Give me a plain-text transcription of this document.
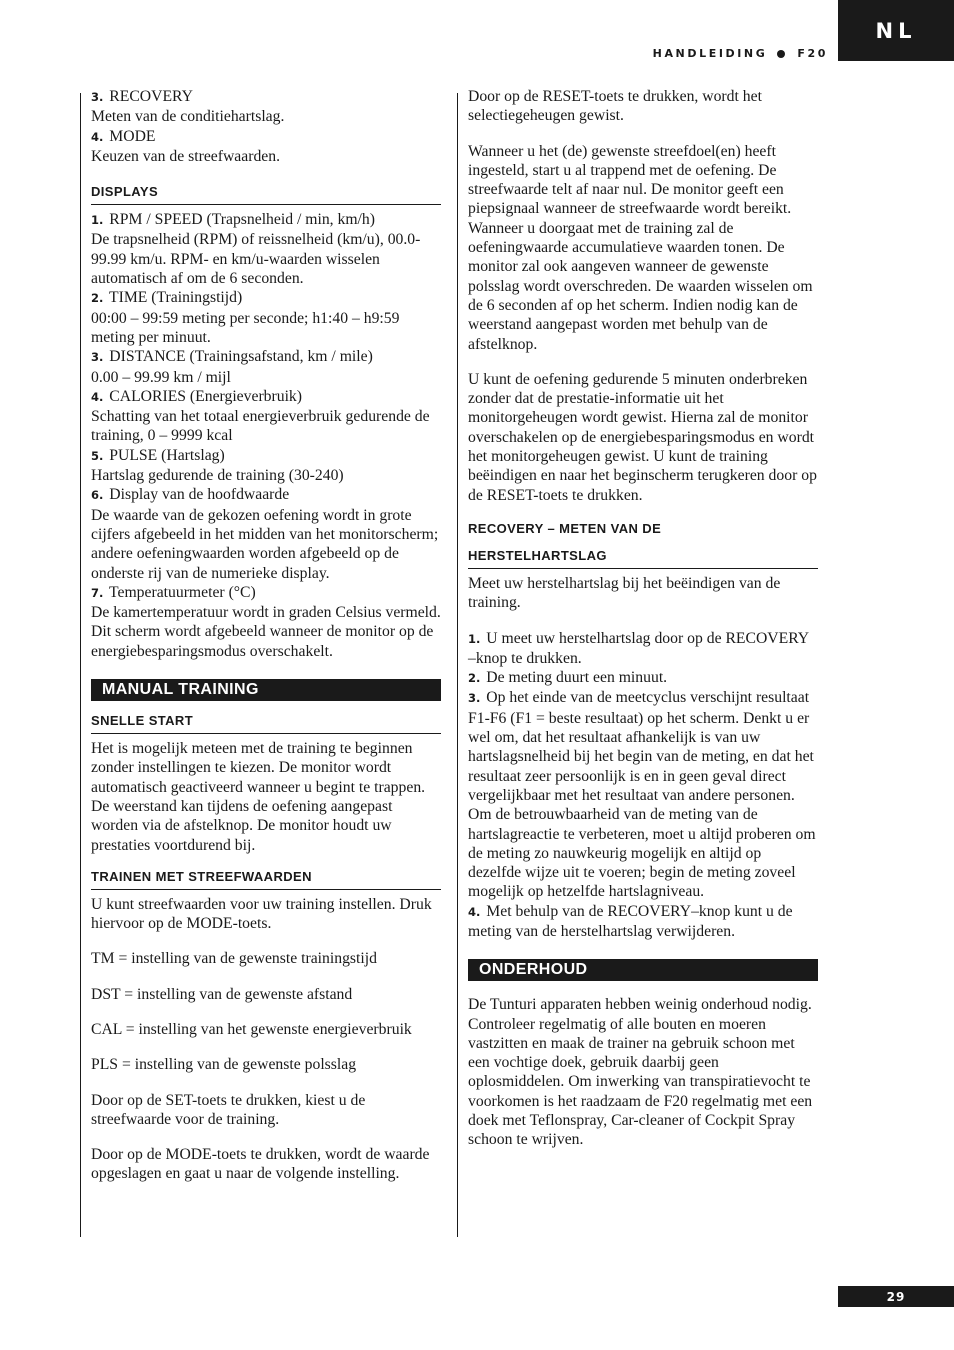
NL
HANDLEIDING	F20

3. RECOVERY

Meten van de conditiehartslag.

4. MODE

Keuzen van de streefwaarden.

DISPLAYS

1. RPM / SPEED (Trapsnelheid / min, km/h)

De trapsnelheid (RPM) of reissnelheid (km/u), 00.0-99.99 km/u. RPM- en km/u-waarden wisselen automatisch af om de 6 seconden.

2. TIME (Trainingstijd)

00:00 – 99:59 meting per seconde; h1:40 – h9:59 meting per minuut.

3. DISTANCE (Trainingsafstand, km / mile)

0.00 – 99.99 km / mijl

4. CALORIES (Energieverbruik)

Schatting van het totaal energieverbruik gedurende de training, 0 – 9999 kcal

5. PULSE (Hartslag)

Hartslag gedurende de training (30-240)

6. Display van de hoofdwaarde

De waarde van de gekozen oefening wordt in grote cijfers afgebeeld in het midden van het monitorscherm; andere oefeningwaarden worden afgebeeld op de onderste rij van de numerieke display.

7. Temperatuurmeter (°C)

De kamertemperatuur wordt in graden Celsius vermeld. Dit scherm wordt afgebeeld wanneer de monitor op de energiebesparingsmodus overschakelt.

MANUAL TRAINING
SNELLE START

Het is mogelijk meteen met de training te beginnen zonder instellingen te kiezen. De monitor wordt automatisch geactiveerd wanneer u begint te trappen. De weerstand kan tijdens de oefening aangepast worden via de afstelknop. De monitor houdt uw prestaties voortdurend bij.

TRAINEN MET STREEFWAARDEN

U kunt streefwaarden voor uw training instellen. Druk hiervoor op de MODE-toets.

TM = instelling van de gewenste trainingstijd

DST = instelling van de gewenste afstand

CAL = instelling van het gewenste energieverbruik

PLS = instelling van de gewenste polsslag

Door op de SET-toets te drukken, kiest u de streefwaarde voor de training.

Door op de MODE-toets te drukken, wordt de waarde opgeslagen en gaat u naar de volgende instelling.

Door op de RESET-toets te drukken, wordt het selectiegeheugen gewist.

Wanneer u het (de) gewenste streefdoel(en) heeft ingesteld, start u al trappend met de oefening. De streefwaarde telt af naar nul. De monitor geeft een piepsignaal wanneer de streefwaarde wordt bereikt. Wanneer u doorgaat met de training zal de oefeningwaarde accumulatieve waarden tonen. De monitor zal ook aangeven wanneer de gewenste polsslag wordt overschreden. De waarden wisselen om de 6 seconden af op het scherm. Indien nodig kan de weerstand aangepast worden met behulp van de afstelknop.

U kunt de oefening gedurende 5 minuten onderbreken zonder dat de prestatie-informatie uit het monitorgeheugen wordt gewist. Hierna zal de monitor overschakelen op de energiebesparingsmodus en wordt het monitorgeheugen gewist. U kunt de training beëindigen en naar het beginscherm terugkeren door op de RESET-toets te drukken.

RECOVERY – METEN VAN DE
HERSTELHARTSLAG

Meet uw herstelhartslag bij het beëindigen van de training.

1. U meet uw herstelhartslag door op de RECOVERY –knop te drukken.

2. De meting duurt een minuut.

3. Op het einde van de meetcyclus verschijnt resultaat F1-F6 (F1 = beste resultaat) op het scherm. Denkt u er wel om, dat het resultaat afhankelijk is van uw hartslagsnelheid bij het begin van de meting, en dat het resultaat zeer persoonlijk is en in geen geval direct vergelijkbaar met het resultaat van andere personen. Om de betrouwbaarheid van de meting van de hartslagreactie te verbeteren, moet u altijd proberen om de meting zo nauwkeurig mogelijk en altijd op dezelfde wijze uit te voeren; begin de meting zoveel mogelijk op hetzelfde hartslagniveau.

4. Met behulp van de RECOVERY–knop kunt u de meting van de herstelhartslag verwijderen.

ONDERHOUD

De Tunturi apparaten hebben weinig onderhoud nodig. Controleer regelmatig of alle bouten en moeren vastzitten en maak de trainer na gebruik schoon met een vochtige doek, gebruik daarbij geen oplosmiddelen. Om inwerking van transpiratievocht te voorkomen is het raadzaam de F20 regelmatig met een doek met Teflonspray, Car-cleaner of Cockpit Spray schoon te wrijven.

29
